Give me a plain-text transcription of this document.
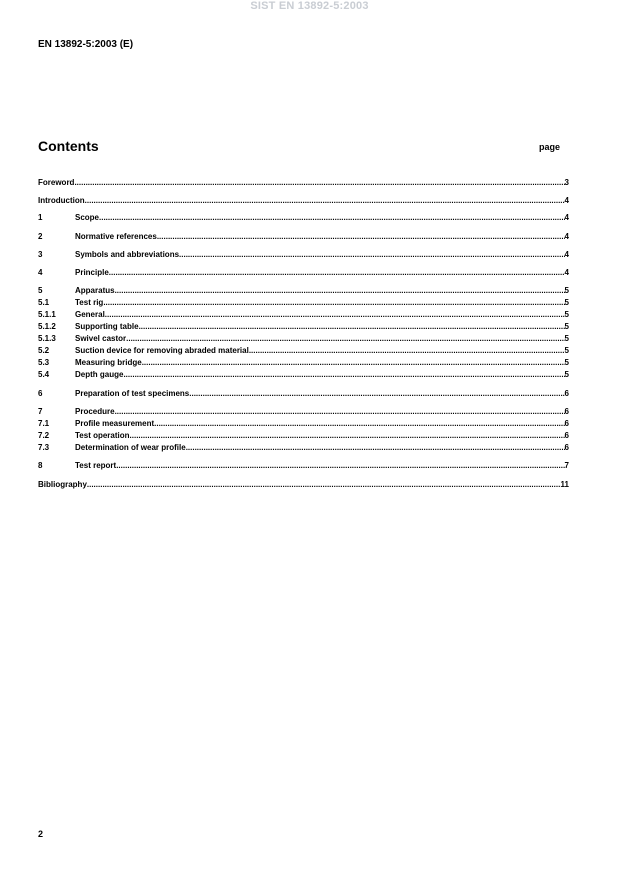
SIST EN 13892-5:2003
EN 13892-5:2003 (E)
Contents	page
Foreword .....	3
Introduction .....	4
1	Scope .....	4
2	Normative references .....	4
3	Symbols and abbreviations .....	4
4	Principle .....	4
5	Apparatus .....	5
5.1	Test rig .....	5
5.1.1	General .....	5
5.1.2	Supporting table .....	5
5.1.3	Swivel castor .....	5
5.2	Suction device for removing abraded material .....	5
5.3	Measuring bridge .....	5
5.4	Depth gauge .....	5
6	Preparation of test specimens .....	6
7	Procedure .....	6
7.1	Profile measurement .....	6
7.2	Test operation .....	6
7.3	Determination of wear profile .....	6
8	Test report .....	7
Bibliography .....	11
2
